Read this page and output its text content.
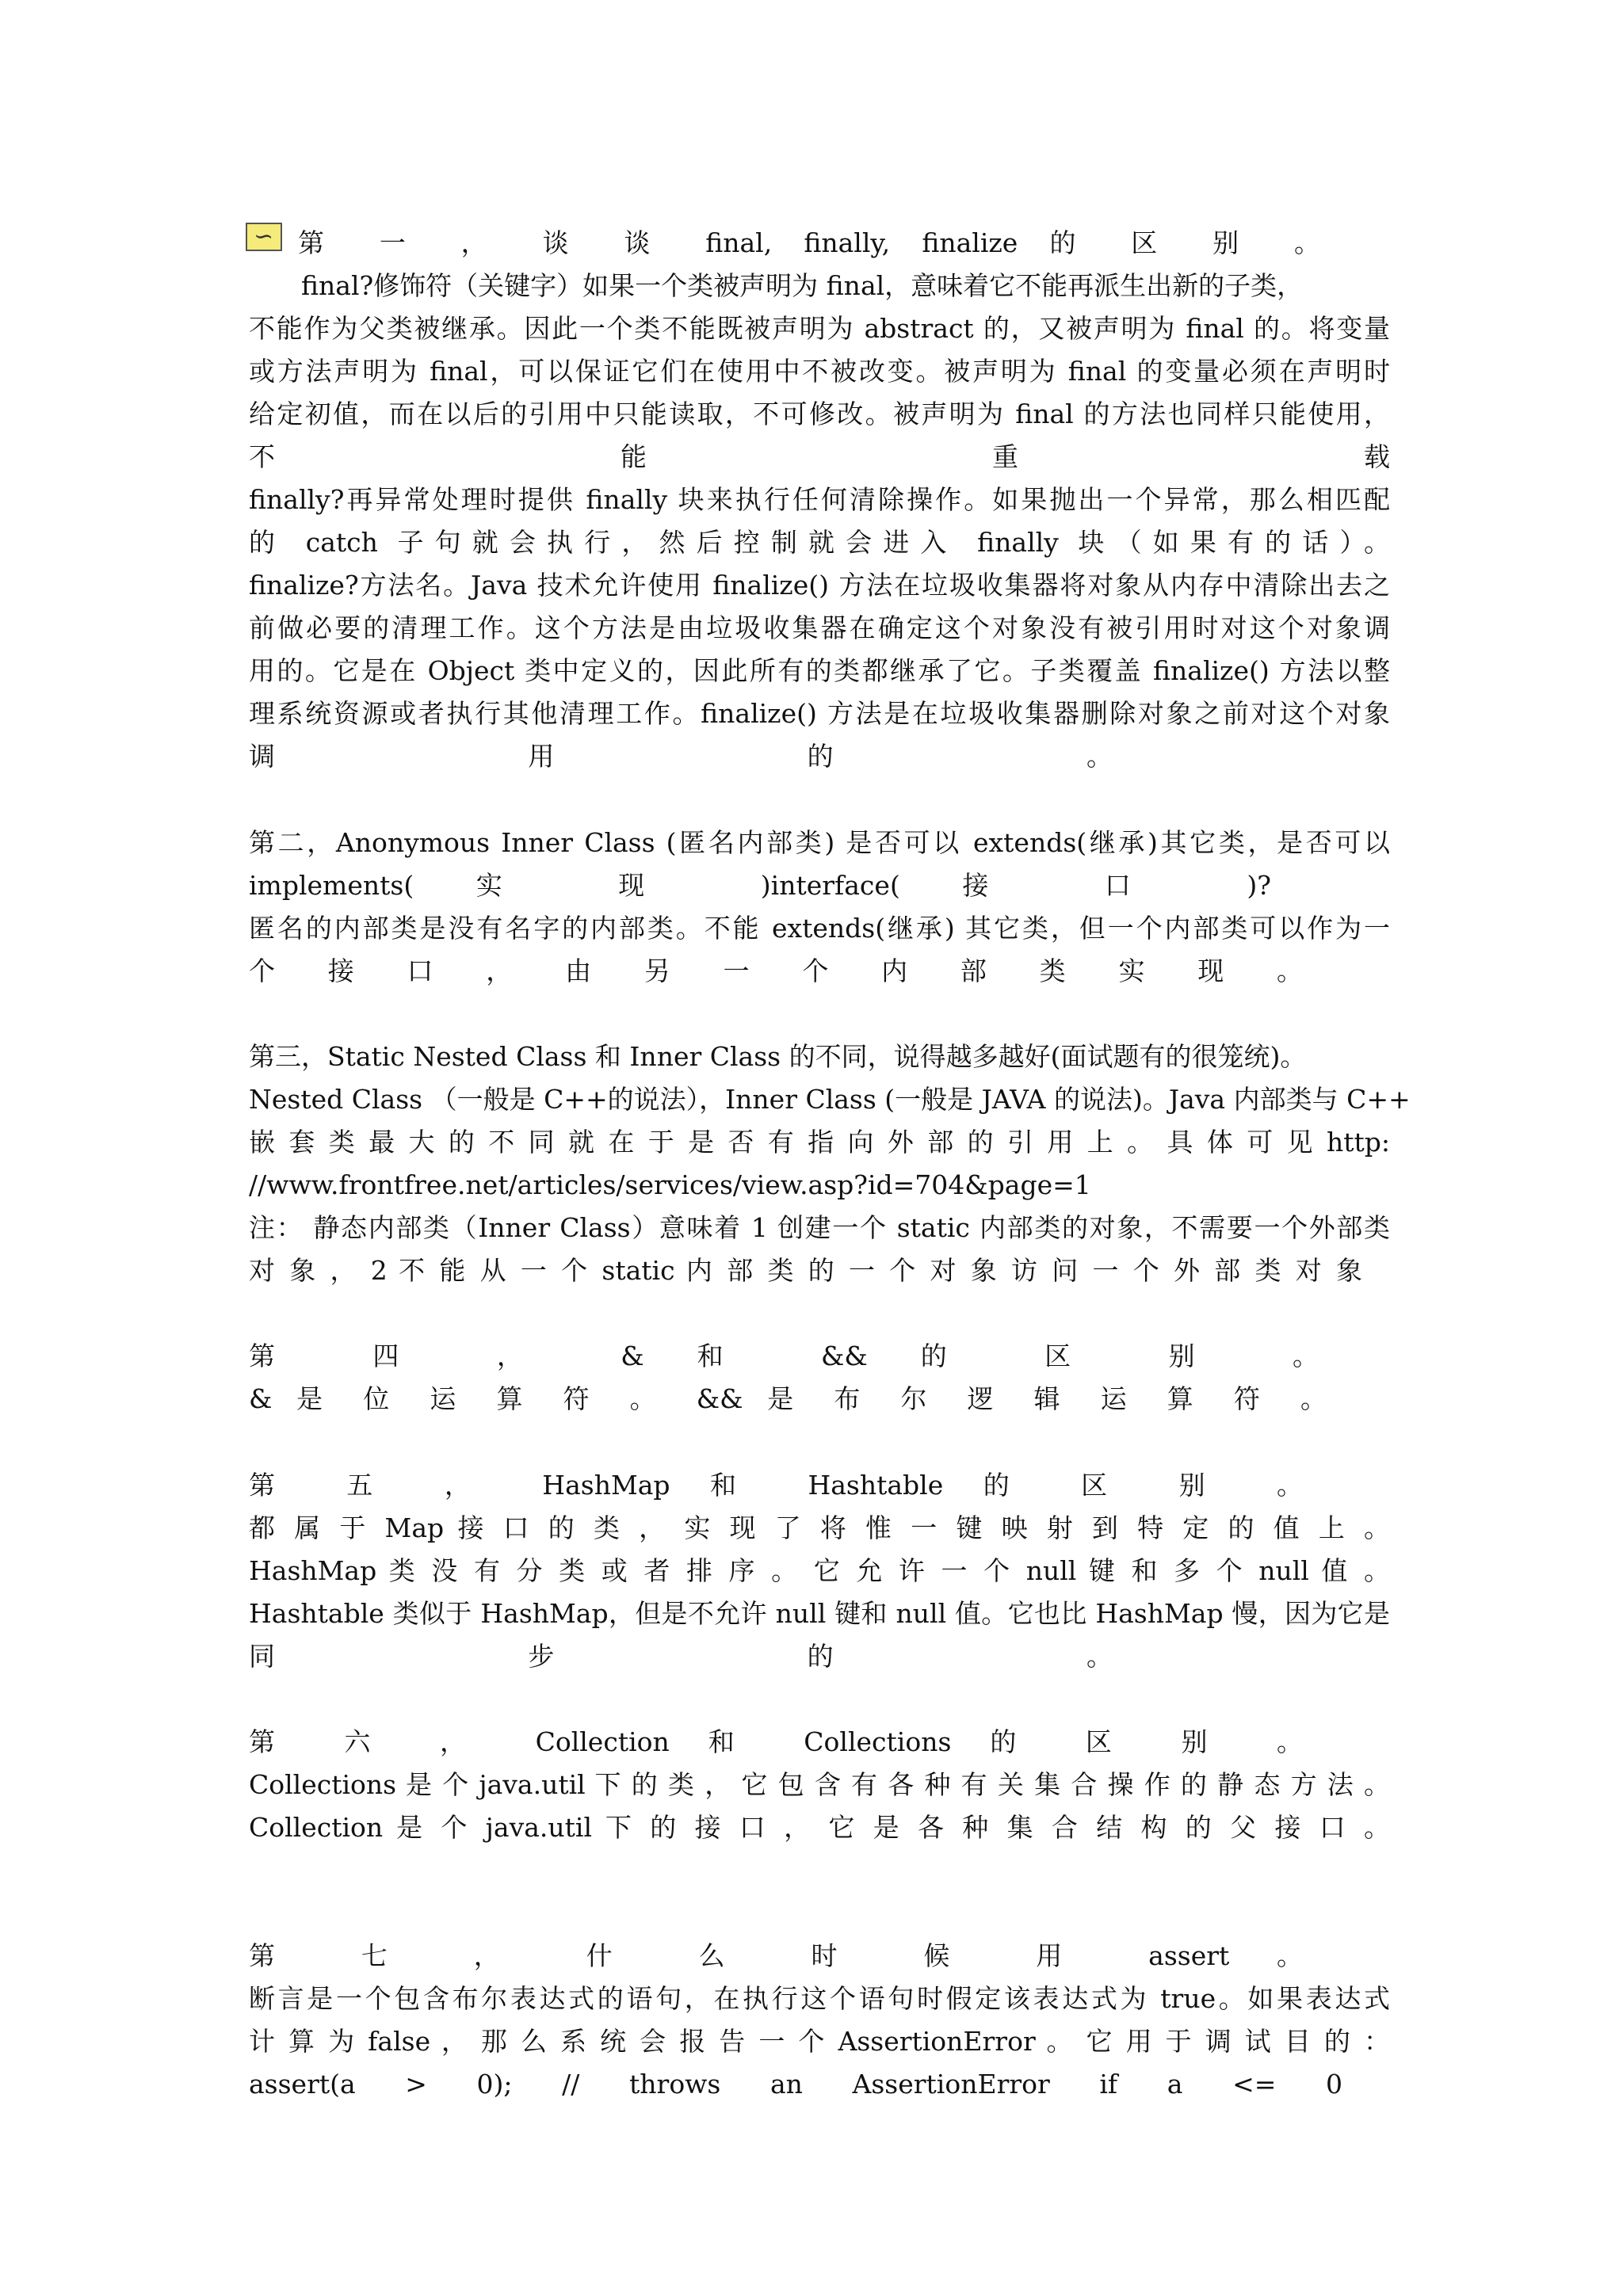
∽ 第 一 ， 谈 谈 final, finally, finalize 的 区 别 。
final?修饰符（关键字）如果一个类被声明为 final，意味着它不能再派生出新的子类，
不能作为父类被继承。因此一个类不能既被声明为 abstract 的，又被声明为 final 的。将变量
或方法声明为 final，可以保证它们在使用中不被改变。被声明为 final 的变量必须在声明时
给定初值，而在以后的引用中只能读取，不可修改。被声明为 final 的方法也同样只能使用，
不 能 重 载
finally?再异常处理时提供 finally 块来执行任何清除操作。如果抛出一个异常，那么相匹配
的 catch 子句就会执行，然后控制就会进入 finally 块（如果有的话）。
finalize?方法名。Java 技术允许使用 finalize() 方法在垃圾收集器将对象从内存中清除出去之
前做必要的清理工作。这个方法是由垃圾收集器在确定这个对象没有被引用时对这个对象调
用的。它是在 Object 类中定义的，因此所有的类都继承了它。子类覆盖 finalize() 方法以整
理系统资源或者执行其他清理工作。finalize() 方法是在垃圾收集器删除对象之前对这个对象
调 用 的 。
第二，Anonymous Inner Class (匿名内部类) 是否可以 extends(继承)其它类，是否可以
implements( 实 现 )interface( 接 口 )?
匿名的内部类是没有名字的内部类。不能 extends(继承) 其它类，但一个内部类可以作为一
个 接 口 ， 由 另 一 个 内 部 类 实 现 。
第三，Static Nested Class 和 Inner Class 的不同，说得越多越好(面试题有的很笼统)。
Nested Class （一般是 C++的说法），Inner Class (一般是 JAVA 的说法)。Java 内部类与 C++
嵌 套 类 最 大 的 不 同 就 在 于 是 否 有 指 向 外 部 的 引 用 上 。 具 体 可 见 http:
//www.frontfree.net/articles/services/view.asp?id=704&page=1
注： 静态内部类（Inner Class）意味着 1 创建一个 static 内部类的对象，不需要一个外部类
对 象 ， 2 不 能 从 一 个 static 内 部 类 的 一 个 对 象 访 问 一 个 外 部 类 对 象
第 四 ， & 和 && 的 区 别 。
& 是 位 运 算 符 。 && 是 布 尔 逻 辑 运 算 符 。
第 五 ， HashMap 和 Hashtable 的 区 别 。
都 属 于 Map 接 口 的 类 ， 实 现 了 将 惟 一 键 映 射 到 特 定 的 值 上 。
HashMap 类 没 有 分 类 或 者 排 序 。 它 允 许 一 个 null 键 和 多 个 null 值 。
Hashtable 类似于 HashMap，但是不允许 null 键和 null 值。它也比 HashMap 慢，因为它是
同 步 的 。
第 六 ， Collection 和 Collections 的 区 别 。
Collections 是 个 java.util 下 的 类 ， 它 包 含 有 各 种 有 关 集 合 操 作 的 静 态 方 法 。
Collection 是 个 java.util 下 的 接 口 ， 它 是 各 种 集 合 结 构 的 父 接 口 。
第 七 ， 什 么 时 候 用 assert 。
断言是一个包含布尔表达式的语句，在执行这个语句时假定该表达式为 true。如果表达式
计 算 为 false ， 那 么 系 统 会 报 告 一 个 AssertionError 。 它 用 于 调 试 目 的 ：
assert(a > 0); // throws an AssertionError if a <= 0
